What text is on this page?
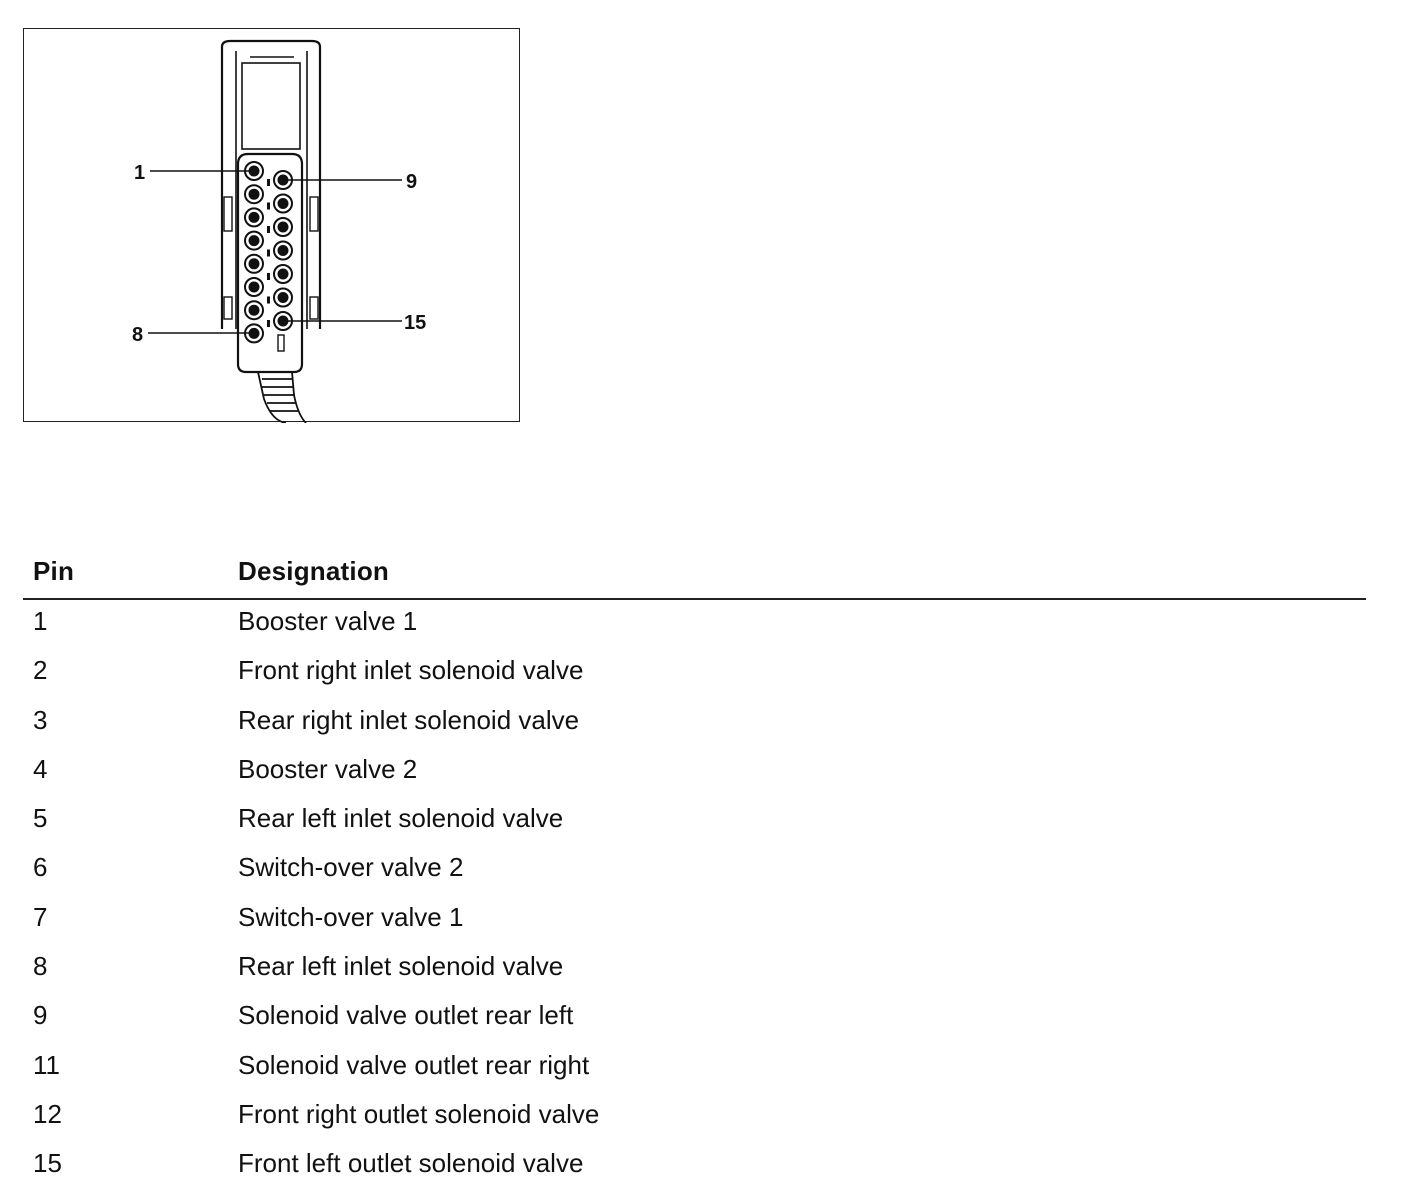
1	9
8
15
Pin	Designation
1	Booster valve 1
2	Front right inlet solenoid valve
3	Rear right inlet solenoid valve
4	Booster valve 2
5	Rear left inlet solenoid valve
6	Switch-over valve 2
7	Switch-over valve 1
8	Rear left inlet solenoid valve
9	Solenoid valve outlet rear left
11	Solenoid valve outlet rear right
12	Front right outlet solenoid valve
15	Front left outlet solenoid valve
